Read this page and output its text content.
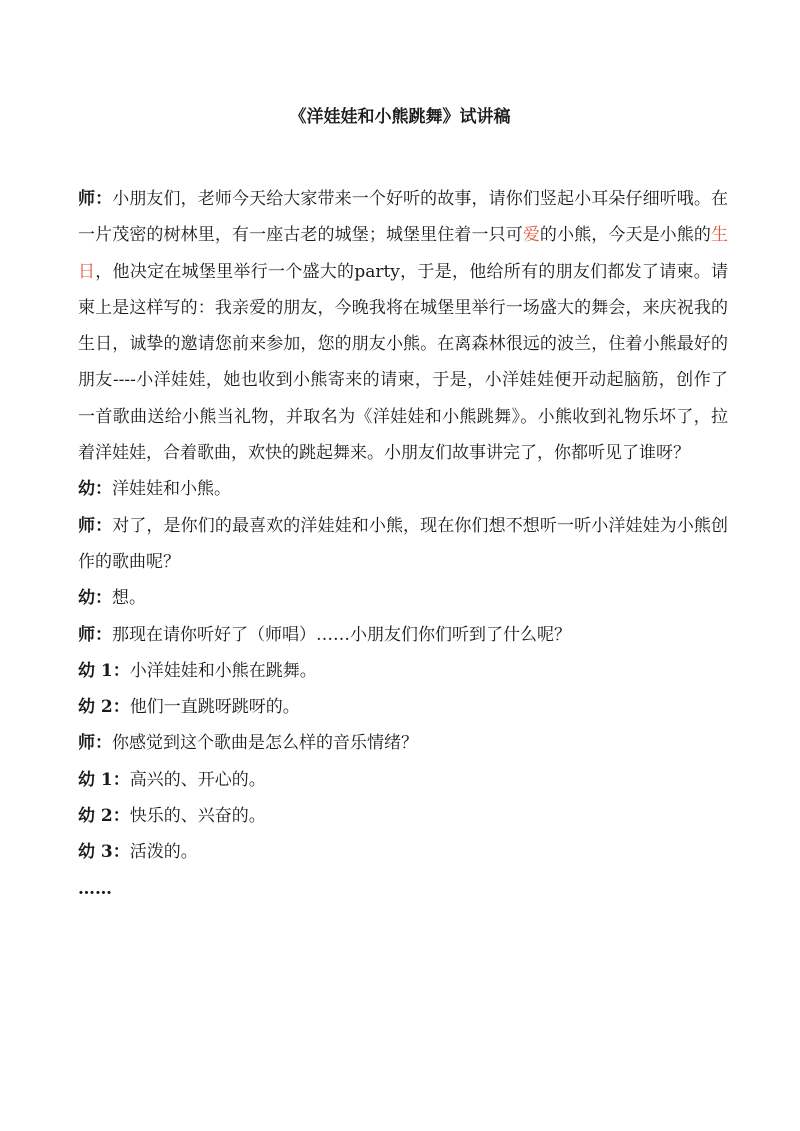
《洋娃娃和小熊跳舞》试讲稿

师：小朋友们，老师今天给大家带来一个好听的故事，请你们竖起小耳朵仔细听哦。在一片茂密的树林里，有一座古老的城堡；城堡里住着一只可爱的小熊，今天是小熊的生日，他决定在城堡里举行一个盛大的party，于是，他给所有的朋友们都发了请柬。请柬上是这样写的：我亲爱的朋友，今晚我将在城堡里举行一场盛大的舞会，来庆祝我的生日，诚挚的邀请您前来参加，您的朋友小熊。在离森林很远的波兰，住着小熊最好的朋友----小洋娃娃，她也收到小熊寄来的请柬，于是，小洋娃娃便开动起脑筋，创作了一首歌曲送给小熊当礼物，并取名为《洋娃娃和小熊跳舞》。小熊收到礼物乐坏了，拉着洋娃娃，合着歌曲，欢快的跳起舞来。小朋友们故事讲完了，你都听见了谁呀？

幼：洋娃娃和小熊。

师：对了，是你们的最喜欢的洋娃娃和小熊，现在你们想不想听一听小洋娃娃为小熊创作的歌曲呢？

幼：想。

师：那现在请你听好了（师唱）……小朋友们你们听到了什么呢？

幼 1：小洋娃娃和小熊在跳舞。

幼 2：他们一直跳呀跳呀的。

师：你感觉到这个歌曲是怎么样的音乐情绪？

幼 1：高兴的、开心的。

幼 2：快乐的、兴奋的。

幼 3：活泼的。

……
